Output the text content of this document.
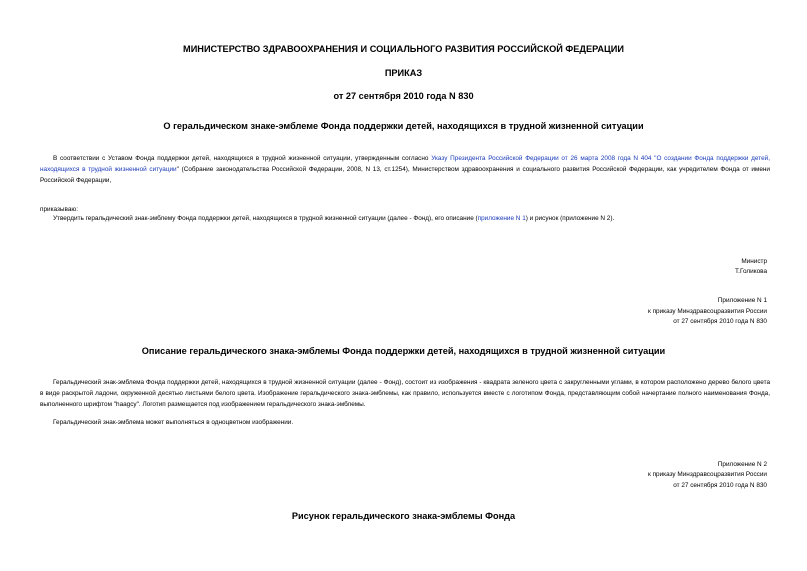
МИНИСТЕРСТВО ЗДРАВООХРАНЕНИЯ И СОЦИАЛЬНОГО РАЗВИТИЯ РОССИЙСКОЙ ФЕДЕРАЦИИ
ПРИКАЗ
от 27 сентября 2010 года N 830
О геральдическом знаке-эмблеме Фонда поддержки детей, находящихся в трудной жизненной ситуации
В соответствии с Уставом Фонда поддержки детей, находящихся в трудной жизненной ситуации, утвержденным согласно Указу Президента Российской Федерации от 26 марта 2008 года N 404 "О создании Фонда поддержки детей, находящихся в трудной жизненной ситуации" (Собрание законодательства Российской Федерации, 2008, N 13, ст.1254), Министерством здравоохранения и социального развития Российской Федерации, как учредителем Фонда от имени Российской Федерации,
приказываю:
Утвердить геральдический знак-эмблему Фонда поддержки детей, находящихся в трудной жизненной ситуации (далее - Фонд), его описание (приложение N 1) и рисунок (приложение N 2).
Министр
Т.Голикова
Приложение N 1
к приказу Минздравсоцразвития России
от 27 сентября 2010 года N 830
Описание геральдического знака-эмблемы Фонда поддержки детей, находящихся в трудной жизненной ситуации
Геральдический знак-эмблема Фонда поддержки детей, находящихся в трудной жизненной ситуации (далее - Фонд), состоит из изображения - квадрата зеленого цвета с закругленными углами, в котором расположено дерево белого цвета в виде раскрытой ладони, окруженной десятью листьями белого цвета. Изображение геральдического знака-эмблемы, как правило, используется вместе с логотипом Фонда, представляющим собой начертание полного наименования Фонда, выполненного шрифтом "haagcy". Логотип размещается под изображением геральдического знака-эмблемы.
Геральдический знак-эмблема может выполняться в одноцветном изображении.
Приложение N 2
к приказу Минздравсоцразвития России
от 27 сентября 2010 года N 830
Рисунок геральдического знака-эмблемы Фонда
